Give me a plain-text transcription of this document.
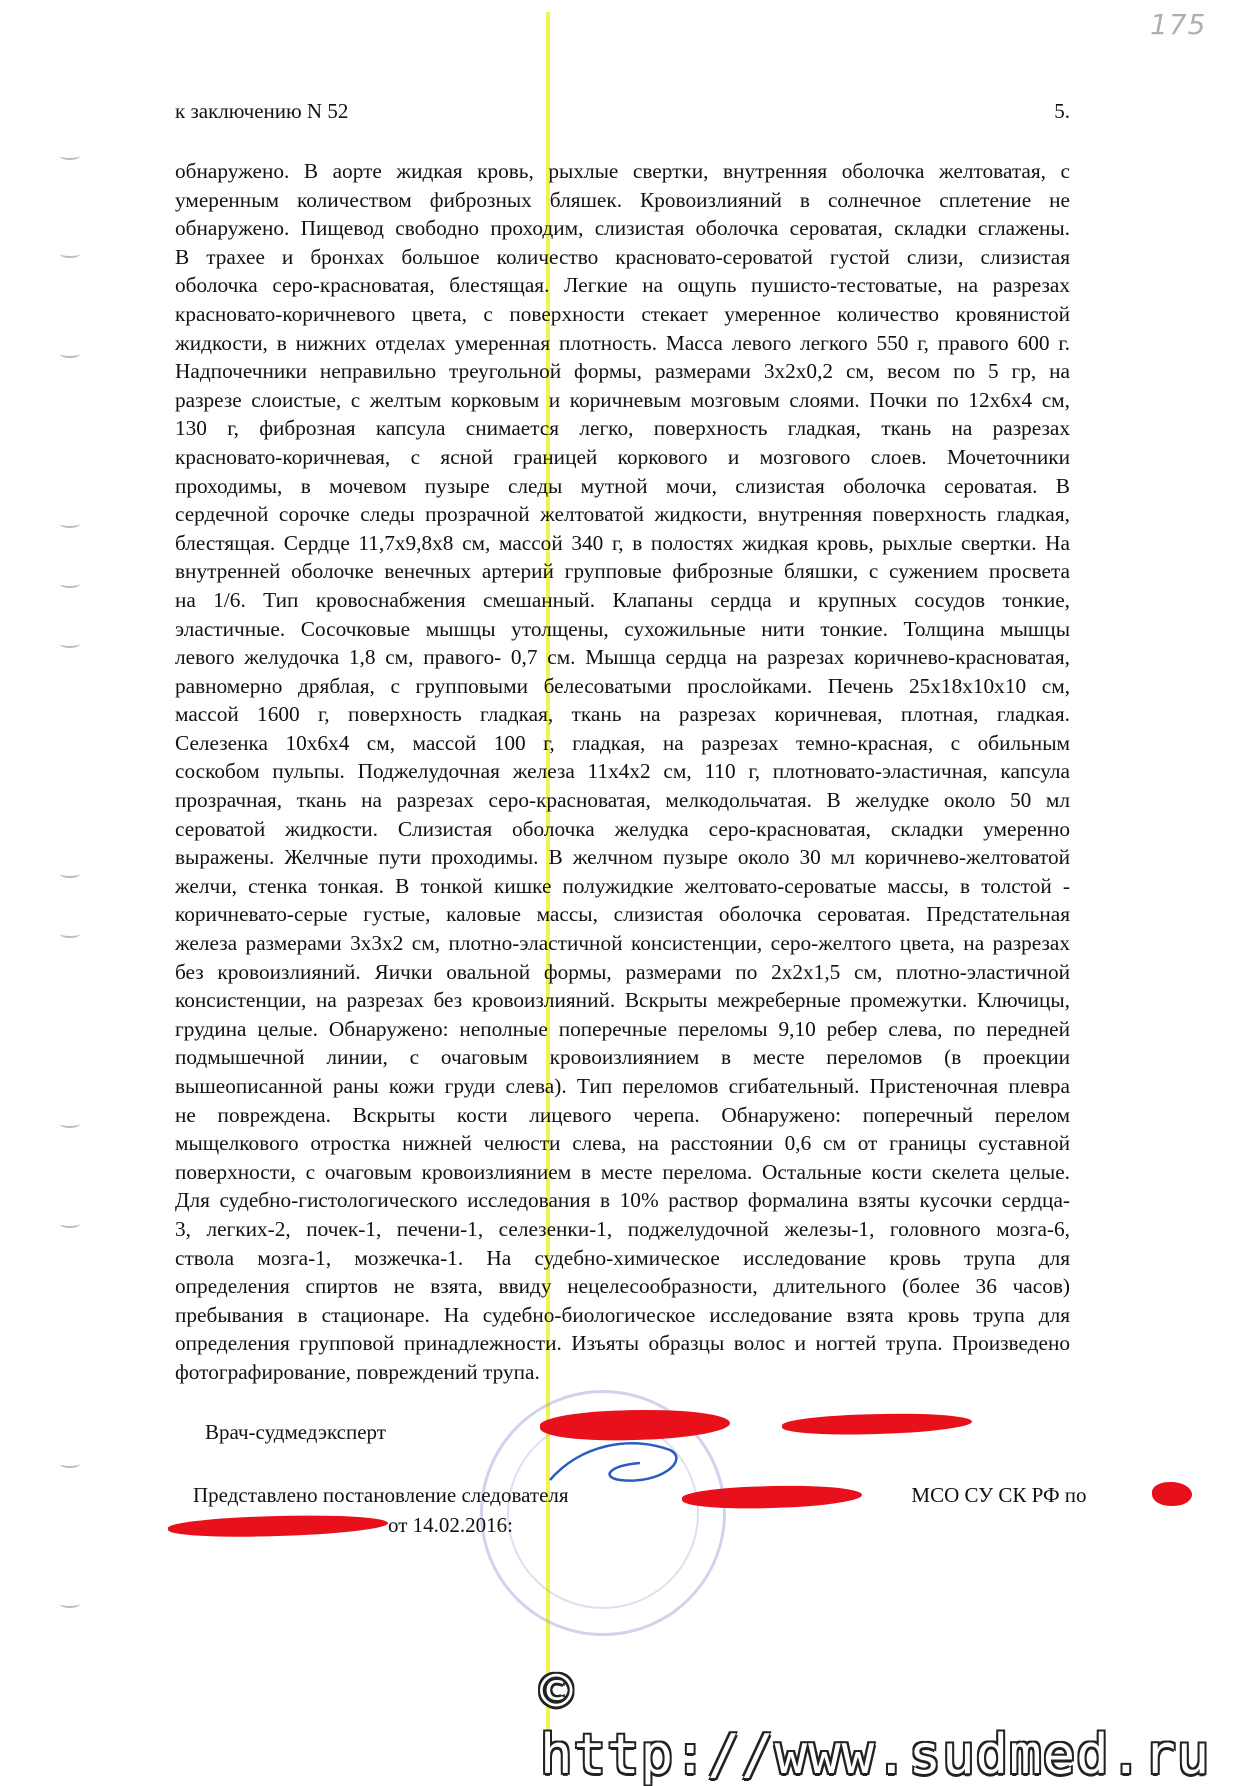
175
к заключению N 52	5.
обнаружено. В аорте жидкая кровь, рыхлые свертки, внутренняя оболочка желтоватая, с
умеренным количеством фиброзных бляшек. Кровоизлияний в солнечное сплетение не
обнаружено. Пищевод свободно проходим, слизистая оболочка сероватая, складки сглажены.
В трахее и бронхах большое количество красновато-сероватой густой слизи, слизистая
оболочка серо-красноватая, блестящая. Легкие на ощупь пушисто-тестоватые, на разрезах
красновато-коричневого цвета, с поверхности стекает умеренное количество кровянистой
жидкости, в нижних отделах умеренная плотность. Масса левого легкого 550 г, правого 600 г.
Надпочечники неправильно треугольной формы, размерами 3х2х0,2 см, весом по 5 гр, на
разрезе слоистые, с желтым корковым и коричневым мозговым слоями. Почки по 12х6х4 см,
130 г, фиброзная капсула снимается легко, поверхность гладкая, ткань на разрезах
красновато-коричневая, с ясной границей коркового и мозгового слоев. Мочеточники
проходимы, в мочевом пузыре следы мутной мочи, слизистая оболочка сероватая. В
сердечной сорочке следы прозрачной желтоватой жидкости, внутренняя поверхность гладкая,
блестящая. Сердце 11,7х9,8х8 см, массой 340 г, в полостях жидкая кровь, рыхлые свертки. На
внутренней оболочке венечных артерий групповые фиброзные бляшки, с сужением просвета
на 1/6. Тип кровоснабжения смешанный. Клапаны сердца и крупных сосудов тонкие,
эластичные. Сосочковые мышцы утолщены, сухожильные нити тонкие. Толщина мышцы
левого желудочка 1,8 см, правого- 0,7 см. Мышца сердца на разрезах коричнево-красноватая,
равномерно дряблая, с групповыми белесоватыми прослойками. Печень 25х18х10х10 см,
массой 1600 г, поверхность гладкая, ткань на разрезах коричневая, плотная, гладкая.
Селезенка 10х6х4 см, массой 100 г, гладкая, на разрезах темно-красная, с обильным
соскобом пульпы. Поджелудочная железа 11х4х2 см, 110 г, плотновато-эластичная, капсула
прозрачная, ткань на разрезах серо-красноватая, мелкодольчатая. В желудке около 50 мл
сероватой жидкости. Слизистая оболочка желудка серо-красноватая, складки умеренно
выражены. Желчные пути проходимы. В желчном пузыре около 30 мл коричнево-желтоватой
желчи, стенка тонкая. В тонкой кишке полужидкие желтовато-сероватые массы, в толстой -
коричневато-серые густые, каловые массы, слизистая оболочка сероватая. Предстательная
железа размерами 3х3х2 см, плотно-эластичной консистенции, серо-желтого цвета, на разрезах
без кровоизлияний. Яички овальной формы, размерами по 2х2х1,5 см, плотно-эластичной
консистенции, на разрезах без кровоизлияний. Вскрыты межреберные промежутки. Ключицы,
грудина целые. Обнаружено: неполные поперечные переломы 9,10 ребер слева, по передней
подмышечной линии, с очаговым кровоизлиянием в месте переломов (в проекции
вышеописанной раны кожи груди слева). Тип переломов сгибательный. Пристеночная плевра
не повреждена. Вскрыты кости лицевого черепа. Обнаружено: поперечный перелом
мыщелкового отростка нижней челюсти слева, на расстоянии 0,6 см от границы суставной
поверхности, с очаговым кровоизлиянием в месте перелома. Остальные кости скелета целые.
Для судебно-гистологического исследования в 10% раствор формалина взяты кусочки сердца-
3, легких-2, почек-1, печени-1, селезенки-1, поджелудочной железы-1, головного мозга-6,
ствола мозга-1, мозжечка-1. На судебно-химическое исследование кровь трупа для
определения спиртов не взята, ввиду нецелесообразности, длительного (более 36 часов)
пребывания в стационаре. На судебно-биологическое исследование взята кровь трупа для
определения групповой принадлежности. Изъяты образцы волос и ногтей трупа. Произведено
фотографирование, повреждений трупа.
Врач-судмедэксперт
Представлено постановление следователя	МСО СУ СК РФ по
от 14.02.2016:
© http://www.sudmed.ru
